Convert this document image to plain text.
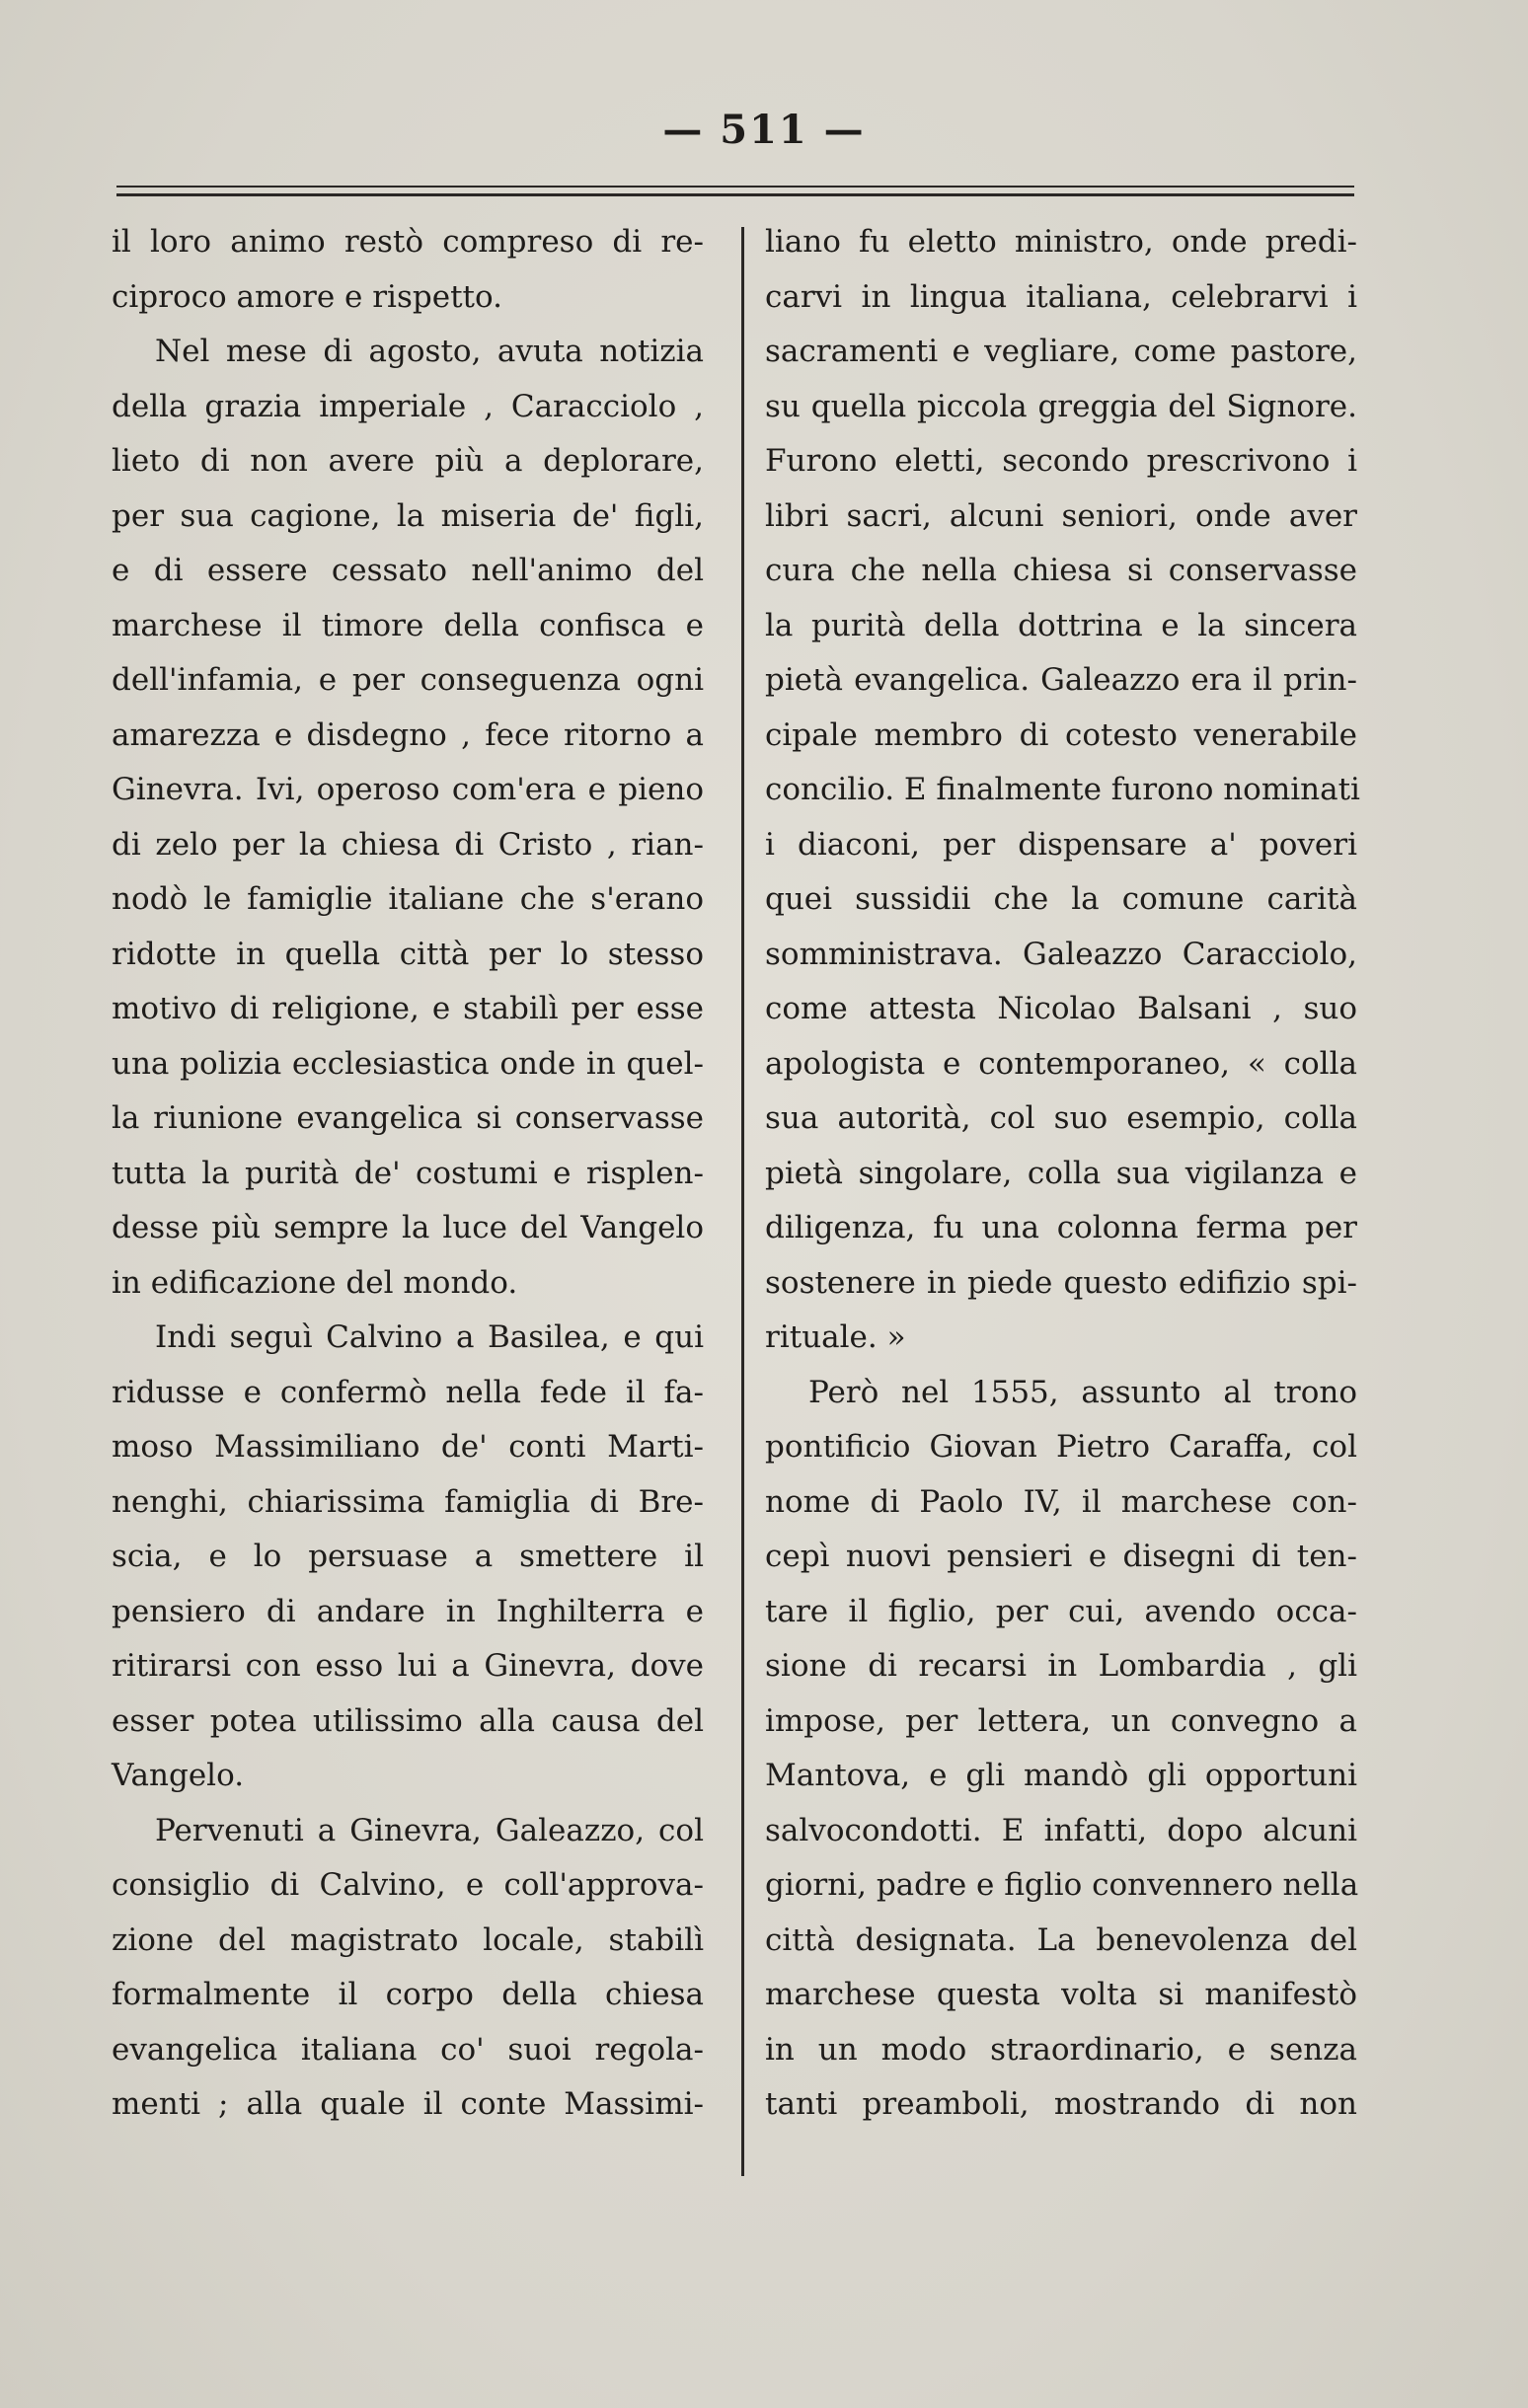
— 511 —
il loro animo restò compreso di re-
ciproco amore e rispetto.
Nel mese di agosto, avuta notizia
della grazia imperiale , Caracciolo ,
lieto di non avere più a deplorare,
per sua cagione, la miseria de' figli,
e di essere cessato nell'animo del
marchese il timore della confisca e
dell'infamia, e per conseguenza ogni
amarezza e disdegno , fece ritorno a
Ginevra. Ivi, operoso com'era e pieno
di zelo per la chiesa di Cristo , rian-
nodò le famiglie italiane che s'erano
ridotte in quella città per lo stesso
motivo di religione, e stabilì per esse
una polizia ecclesiastica onde in quel-
la riunione evangelica si conservasse
tutta la purità de' costumi e risplen-
desse più sempre la luce del Vangelo
in edificazione del mondo.
Indi seguì Calvino a Basilea, e qui
ridusse e confermò nella fede il fa-
moso Massimiliano de' conti Marti-
nenghi, chiarissima famiglia di Bre-
scia, e lo persuase a smettere il
pensiero di andare in Inghilterra e
ritirarsi con esso lui a Ginevra, dove
esser potea utilissimo alla causa del
Vangelo.
Pervenuti a Ginevra, Galeazzo, col
consiglio di Calvino, e coll'approva-
zione del magistrato locale, stabilì
formalmente il corpo della chiesa
evangelica italiana co' suoi regola-
menti ; alla quale il conte Massimi-
liano fu eletto ministro, onde predi-
carvi in lingua italiana, celebrarvi i
sacramenti e vegliare, come pastore,
su quella piccola greggia del Signore.
Furono eletti, secondo prescrivono i
libri sacri, alcuni seniori, onde aver
cura che nella chiesa si conservasse
la purità della dottrina e la sincera
pietà evangelica. Galeazzo era il prin-
cipale membro di cotesto venerabile
concilio. E finalmente furono nominati
i diaconi, per dispensare a' poveri
quei sussidii che la comune carità
somministrava. Galeazzo Caracciolo,
come attesta Nicolao Balsani , suo
apologista e contemporaneo, « colla
sua autorità, col suo esempio, colla
pietà singolare, colla sua vigilanza e
diligenza, fu una colonna ferma per
sostenere in piede questo edifizio spi-
rituale. »
Però nel 1555, assunto al trono
pontificio Giovan Pietro Caraffa, col
nome di Paolo IV, il marchese con-
cepì nuovi pensieri e disegni di ten-
tare il figlio, per cui, avendo occa-
sione di recarsi in Lombardia , gli
impose, per lettera, un convegno a
Mantova, e gli mandò gli opportuni
salvocondotti. E infatti, dopo alcuni
giorni, padre e figlio convennero nella
città designata. La benevolenza del
marchese questa volta si manifestò
in un modo straordinario, e senza
tanti preamboli, mostrando di non
